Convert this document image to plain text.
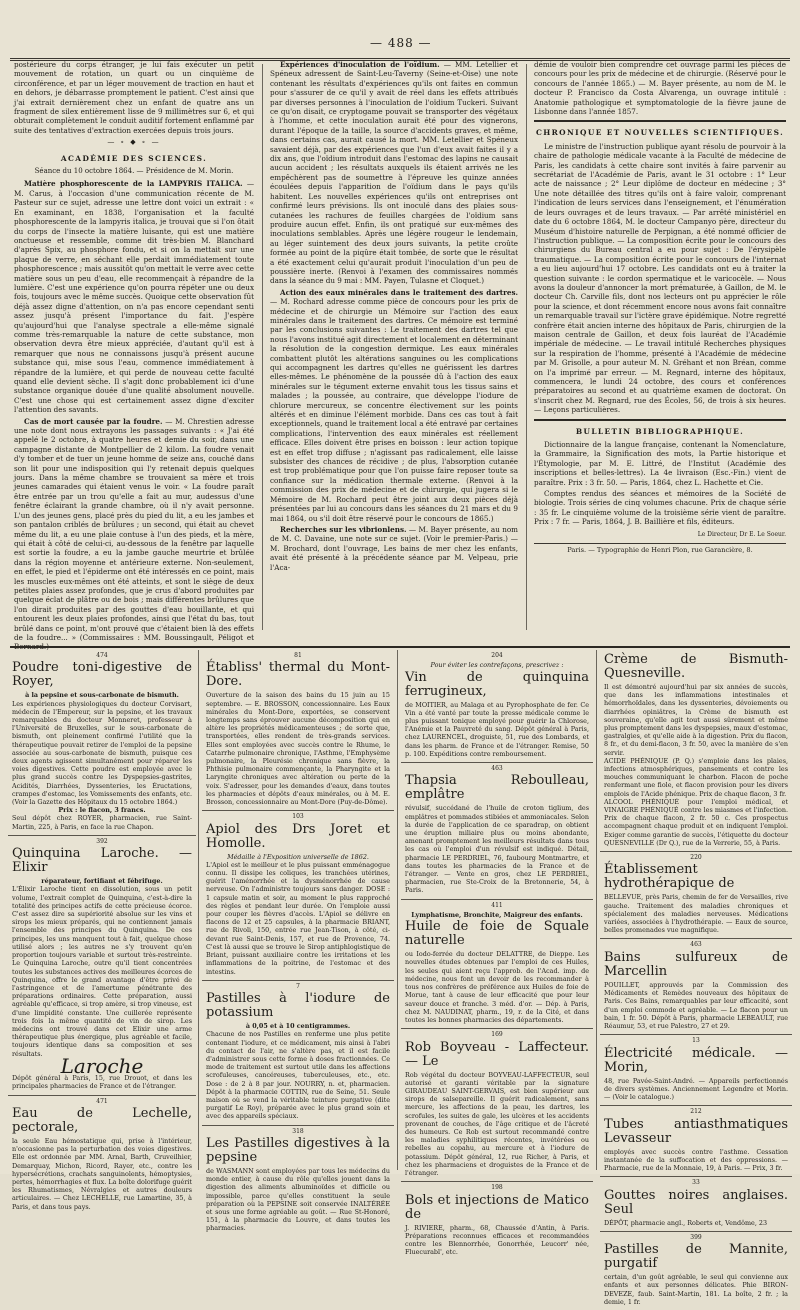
— 488 —

postérieure du corps étranger, je lui fais exécuter un petit mouvement de rotation, un quart ou un cinquième de circonférence, et par un léger mouvement de traction en haut et en dehors, je débarrasse promptement le patient. C'est ainsi que j'ai extrait dernièrement chez un enfant de quatre ans un fragment de silex entièrement lisse de 9 millimètres sur 6, et qui obturait complètement le conduit auditif fortement enflammé par suite des tentatives d'extraction exercées depuis trois jours.

— ∘ ◆ ∘ —
ACADÉMIE DES SCIENCES.
Séance du 10 octobre 1864. — Présidence de M. Morin.

Matière phosphorescente de la LAMPYRIS ITALICA. — M. Carus, à l'occasion d'une communication récente de M. Pasteur sur ce sujet, adresse une lettre dont voici un extrait : « En examinant, en 1838, l'organisation et la faculté phosphorescente de la lampyris italica, je trouvai que si l'on ôtait du corps de l'insecte la matière luisante, qui est une matière onctueuse et ressemble, comme dit très-bien M. Blanchard d'après Spix, au phosphore fondu, et si on la mettait sur une plaque de verre, en séchant elle perdait immédiatement toute phosphorescence ; mais aussitôt qu'on mettait le verre avec cette matière sous un peu d'eau, elle recommençait à répandre de la lumière. C'est une expérience qu'on pourra répéter une ou deux fois, toujours avec le même succès. Quoique cette observation fût déjà assez digne d'attention, on n'a pas encore cependant senti assez jusqu'à présent l'importance du fait. J'espère qu'aujourd'hui que l'analyse spectrale a elle-même signalé comme très-remarquable la nature de cette substance, mon observation devra être mieux appréciée, d'autant qu'il est à remarquer que nous ne connaissons jusqu'à présent aucune substance qui, mise sous l'eau, commence immédiatement à répandre de la lumière, et qui perde de nouveau cette faculté quand elle devient sèche. Il s'agit donc probablement ici d'une substance organique douée d'une qualité absolument nouvelle. C'est une chose qui est certainement assez digne d'exciter l'attention des savants.

Cas de mort causée par la foudre. — M. Chrestien adresse une note dont nous extrayons les passages suivants : « J'ai été appelé le 2 octobre, à quatre heures et demie du soir, dans une campagne distante de Montpellier de 2 kilom. La foudre venait d'y tomber et de tuer un jeune homme de seize ans, couché dans son lit pour une indisposition qui l'y retenait depuis quelques jours. Dans la même chambre se trouvaient sa mère et trois jeunes camarades qui étaient venus le voir. « La foudre paraît être entrée par un trou qu'elle a fait au mur, audessus d'une fenêtre éclairant la grande chambre, où il n'y avait personne. L'un des jeunes gens, placé près du pied du lit, a eu les jambes et son pantalon criblés de brûlures ; un second, qui était au chevet même du lit, a eu une plaie contuse à l'un des pieds, et la mère, qui était à côté de celui-ci, au-dessous de la fenêtre par laquelle est sortie la foudre, a eu la jambe gauche meurtrie et brûlée dans la région moyenne et antérieure externe. Non-seulement, en effet, le pied et l'épiderme ont été intéressés en ce point, mais les muscles eux-mêmes ont été atteints, et sont le siège de deux petites plaies assez profondes, que je crus d'abord produites par quelque éclat de plâtre ou de bois ; mais différentes brûlures que l'on dirait produites par des gouttes d'eau bouillante, et qui entourent les deux plaies profondes, ainsi que l'état du bas, tout brûlé dans ce point, m'ont prouvé que c'étaient bien là des effets de la foudre... » (Commissaires : MM. Boussingault, Péligot et Bernard.)

Expériences d'inoculation de l'oïdium. — MM. Letellier et Spéneux adressent de Saint-Leu-Taverny (Seine-et-Oise) une note contenant les résultats d'expériences qu'ils ont faites en commun pour s'assurer de ce qu'il y avait de réel dans les effets attribués par diverses personnes à l'inoculation de l'oïdium Tuckeri. Suivant ce qu'on disait, ce cryptogame pouvait se transporter des végétaux à l'homme, et cette inoculation aurait été pour des vignerons, durant l'époque de la taille, la source d'accidents graves, et même, dans certains cas, aurait causé la mort. MM. Letellier et Spéneux savaient déjà, par des expériences que l'un d'eux avait faites il y a dix ans, que l'oïdium introduit dans l'estomac des lapins ne causait aucun accident ; les résultats auxquels ils étaient arrivés ne les empêchèrent pas de soumettre à l'épreuve les quinze années écoulées depuis l'apparition de l'oïdium dans le pays qu'ils habitent. Les nouvelles expériences qu'ils ont entreprises ont confirmé leurs prévisions. Ils ont inoculé dans des plaies sous-cutanées les rachures de feuilles chargées de l'oïdium sans produire aucun effet. Enfin, ils ont pratiqué sur eux-mêmes des inoculations semblables. Après une légère rougeur le lendemain, au léger suintement des deux jours suivants, la petite croûte formée au point de la piqûre était tombée, de sorte que le résultat a été exactement celui qu'aurait produit l'inoculation d'un peu de poussière inerte. (Renvoi à l'examen des commissaires nommés dans la séance du 9 mai : MM. Payen, Tulasne et Cloquet.)

Action des eaux minérales dans le traitement des dartres. — M. Rochard adresse comme pièce de concours pour les prix de médecine et de chirurgie un Mémoire sur l'action des eaux minérales dans le traitement des dartres. Ce mémoire est terminé par les conclusions suivantes : Le traitement des dartres tel que nous l'avons institué agit directement et localement en déterminant la résolution de la congestion dermique. Les eaux minérales combattent plutôt les altérations sanguines ou les complications qui accompagnent les dartres qu'elles ne guérissent les dartres elles-mêmes. Le phénomène de la poussée dû à l'action des eaux minérales sur le tégument externe envahit tous les tissus sains et malades ; la poussée, au contraire, que développe l'iodure de chlorure mercureux, se concentre électivement sur les points altérés et en diminue l'élément morbide. Dans ces cas tout à fait exceptionnels, quand le traitement local a été entravé par certaines complications, l'intervention des eaux minérales est réellement efficace. Elles doivent être prises en boisson : leur action topique est en effet trop diffuse ; n'agissant pas radicalement, elle laisse subsister des chances de récidive ; de plus, l'absorption cutanée est trop problématique pour que l'on puisse faire reposer toute sa confiance sur la médication thermale externe. (Renvoi à la commission des prix de médecine et de chirurgie, qui jugera si le Mémoire de M. Rochard peut être joint aux deux pièces déjà présentées par lui au concours dans les séances du 21 mars et du 9 mai 1864, ou s'il doit être réservé pour le concours de 1865.)

Recherches sur les vibrionlens. — M. Bayer présente, au nom de M. C. Davaine, une note sur ce sujet. (Voir le premier-Paris.) — M. Brochard, dont l'ouvrage, Les bains de mer chez les enfants, avait été présenté à la précédente séance par M. Velpeau, prie l'Aca-

démie de vouloir bien comprendre cet ouvrage parmi les pièces de concours pour les prix de médecine et de chirurgie. (Réservé pour le concours de l'année 1865.) — M. Bayer présente, au nom de M. le docteur P. Francisco da Costa Alvarenga, un ouvrage intitulé : Anatomie pathologique et symptomatologie de la fièvre jaune de Lisbonne dans l'année 1857.

CHRONIQUE ET NOUVELLES SCIENTIFIQUES.

Le ministre de l'instruction publique ayant résolu de pourvoir à la chaire de pathologie médicale vacante à la Faculté de médecine de Paris, les candidats à cette chaire sont invités à faire parvenir au secrétariat de l'Académie de Paris, avant le 31 octobre : 1° Leur acte de naissance ; 2° Leur diplôme de docteur en médecine ; 3° Une note détaillée des titres qu'ils ont à faire valoir, comprenant l'indication de leurs services dans l'enseignement, et l'énumération de leurs ouvrages et de leurs travaux. — Par arrêté ministériel en date du 6 octobre 1864, M. le docteur Campanyo père, directeur du Muséum d'histoire naturelle de Perpignan, a été nommé officier de l'instruction publique. — La composition écrite pour le concours des chirurgiens du Bureau central a eu pour sujet : De l'érysipèle traumatique. — La composition écrite pour le concours de l'internat a eu lieu aujourd'hui 17 octobre. Les candidats ont eu à traiter la question suivante : le cordon spermatique et le varicocèle. — Nous avons la douleur d'annoncer la mort prématurée, à Gaillon, de M. le docteur Ch. Carville fils, dont nos lecteurs ont pu apprécier le rôle pour la science, et dont récemment encore nous avons fait connaître un remarquable travail sur l'ictère grave épidémique. Notre regretté confrère était ancien interne des hôpitaux de Paris, chirurgien de la maison centrale de Gaillon, et deux fois lauréat de l'Académie impériale de médecine. — Le travail intitulé Recherches physiques sur la respiration de l'homme, présenté à l'Académie de médecine par M. Grisolle, a pour auteur M. N. Gréhant et non Bréan, comme on l'a imprimé par erreur. — M. Regnard, interne des hôpitaux, commencera, le lundi 24 octobre, des cours et conférences préparatoires au second et au quatrième examen de doctorat. On s'inscrit chez M. Regnard, rue des Écoles, 56, de trois à six heures. — Leçons particulières.

BULLETIN BIBLIOGRAPHIQUE.

Dictionnaire de la langue française, contenant la Nomenclature, la Grammaire, la Signification des mots, la Partie historique et l'Étymologie, par M. E. Littré, de l'Institut (Académie des inscriptions et belles-lettres). La 4e livraison (Esc.-Fin.) vient de paraître. Prix : 3 fr. 50. — Paris, 1864, chez L. Hachette et Cie.

Comptes rendus des séances et mémoires de la Société de biologie. Trois séries de cinq volumes chacune. Prix de chaque série : 35 fr. Le cinquième volume de la troisième série vient de paraître. Prix : 7 fr. — Paris, 1864, J. B. Baillière et fils, éditeurs.

Le Directeur, Dr E. Le Soeur.
Paris. — Typographie de Henri Plon, rue Garancière, 8.
474
Poudre toni-digestive de Royer,
à la pepsine et sous-carbonate de bismuth.
Les expériences physiologiques du docteur Corvisart, médecin de l'Empereur, sur la pepsine, et les travaux remarquables du docteur Monneret, professeur à l'Université de Bruxelles, sur le sous-carbonate de bismuth, ont pleinement confirmé l'utilité que la thérapeutique pouvait retirer de l'emploi de la pepsine associée au sous-carbonate de bismuth, puisque ces deux agents agissent simultanément pour réparer les voies digestives. Cette poudre est employée avec le plus grand succès contre les Dyspepsies-gastrites, Acidités, Diarrhées, Dyssenteries, les Éructations, crampes d'estomac, les Vomissements des enfants, etc. (Voir la Gazette des Hôpitaux du 15 octobre 1864.)
Prix : le flacon, 3 francs.
Seul dépôt chez ROYER, pharmacien, rue Saint-Martin, 225, à Paris, en face la rue Chapon.
392
Quinquina Laroche. — Elixir
réparateur, fortifiant et fébrifuge.
L'Élixir Laroche tient en dissolution, sous un petit volume, l'extrait complet de Quinquina, c'est-à-dire la totalité des principes actifs de cette précieuse écorce. C'est assez dire sa supériorité absolue sur les vins et sirops les mieux préparés, qui ne contiennent jamais l'ensemble des principes du Quinquina. De ces principes, les uns manquent tout à fait, quelque chose utilisé alors ; les autres ne s'y trouvent qu'en proportion toujours variable et surtout très-restreinte. Le Quinquina Laroche, outre qu'il tient concentrées toutes les substances actives des meilleures écorces de Quinquina, offre le grand avantage d'être privé de l'astringence et de l'amertume pénétrante des préparations ordinaires. Cette préparation, aussi agréable qu'efficace, si trop amère, si trop vineuse, est d'une limpidité constante. Une cuillerée représente trois fois la même quantité de vin de sirop. Les médecins ont trouvé dans cet Elixir une arme thérapeutique plus énergique, plus agréable et facile, toujours identique dans sa composition et ses résultats.
Laroche
Dépôt général à Paris, 15, rue Drouot, et dans les principales pharmacies de France et de l'étranger.
471
Eau de Lechelle, pectorale,
la seule Eau hémostatique qui, prise à l'intérieur, n'occasionne pas la perturbation des voies digestives. Elle est ordonnée par MM. Arnal, Barth, Cruveilhier, Demarquay, Michon, Ricord, Rayer, etc., contre les hypersécrétions, crachats sanguinolents, hémoptysies, pertes, hémorrhagies et flux. La boîte dolorifuge guérit les Rhumatismes, Névralgies et autres douleurs articulaires. — Chez LECHELLE, rue Lamartine, 35, à Paris, et dans tous pays.
81
Établiss' thermal du Mont-Dore.
Ouverture de la saison des bains du 15 juin au 15 septembre. — E. BROSSON, concessionnaire. Les Eaux minérales du Mont-Dore, exportées, se conservent longtemps sans éprouver aucune décomposition qui en altère les propriétés médicamenteuses ; de sorte que, transportées, elles rendent de très-grands services. Elles sont employées avec succès contre le Rhume, le Catarrhe pulmonaire chronique, l'Asthme, l'Emphysème pulmonaire, la Pleurésie chronique sans fièvre, la Phthisie pulmonaire commençante, la Pharyngite et la Laryngite chroniques avec altération ou perte de la voix. S'adresser, pour les demandes d'eaux, dans toutes les pharmacies et dépôts d'eaux minérales, ou à M. E. Brosson, concessionnaire au Mont-Dore (Puy-de-Dôme).
103
Apiol des Drs Joret et Homolle.
Médaille à l'Exposition universelle de 1862.
L'Apiol est le meilleur et le plus puissant emménagogue connu. Il dissipe les coliques, les tranchées utérines, guérit l'aménorrhée et la dysménorrhée de cause nerveuse. On l'administre toujours sans danger. DOSE : 1 capsule matin et soir, au moment le plus rapproché des règles et pendant leur durée. On l'emploie aussi pour couper les fièvres d'accès. L'Apiol se délivre en flacons de 12 et 25 capsules, à la pharmacie BRIANT, rue de Rivoli, 150, entrée rue Jean-Tison, à côté, ci-devant rue Saint-Denis, 157, et rue de Provence, 74. C'est là aussi que se trouve le Sirop antiphlogistique de Briant, puissant auxiliaire contre les irritations et les inflammations de la poitrine, de l'estomac et des intestins.
7
Pastilles à l'iodure de potassium
à 0,05 et à 10 centigrammes.
Chacune de nos Pastilles en renferme une plus petite contenant l'iodure, et ce médicament, mis ainsi à l'abri du contact de l'air, ne s'altère pas, et il est facile d'administrer sous cette forme à doses fractionnées. Ce mode de traitement est surtout utile dans les affections scrofuleuses, cancéreuses, tuberculeuses, etc., etc. Dose : de 2 à 8 par jour. NOURRY, n. et, pharmacien. Dépôt à la pharmacie COTTIN, rue de Seine, 51. Seule maison où se vend la véritable teinture purgative (dite purgatif Le Roy), préparée avec le plus grand soin et avec des appareils spéciaux.
318
Les Pastilles digestives à la pepsine
de WASMANN sont employées par tous les médecins du monde entier, à cause du rôle qu'elles jouent dans la digestion des aliments albuminoïdes et difficile ou impossible, parce qu'elles constituent la seule préparation où la PEPSINE soit conservée INALTÉRÉE et sous une forme agréable au goût. — Rue St-Honoré, 151, à la pharmacie du Louvre, et dans toutes les pharmacies.
204
Pour éviter les contrefaçons, prescrivez :
Vin de quinquina ferrugineux,
de MOITIER, au Malaga et au Pyrophosphate de fer. Ce Vin a été vanté par toute la presse médicale comme le plus puissant tonique employé pour guérir la Chlorose, l'Anémie et la Pauvreté du sang. Dépôt général à Paris, chez LAURENCEL, droguiste, 51, rue des Lombards, et dans les pharm. de France et de l'étranger. Remise, 50 p. 100. Expéditions contre remboursement.
463
Thapsia Reboulleau, emplâtre
révulsif, succédané de l'huile de croton tiglium, des emplâtres et pommades stibiées et ammoniacales. Selon la durée de l'application de ce sparadrap, on obtient une éruption miliaire plus ou moins abondante, amenant promptement les meilleurs résultats dans tous les cas où l'emploi d'un révulsif est indiqué. Détail, pharmacie LE PERDRIEL, 76, faubourg Montmartre, et dans toutes les pharmacies de la France et de l'étranger. — Vente en gros, chez LE PERDRIEL, pharmacien, rue Ste-Croix de la Bretonnerie, 54, à Paris.
411
Lymphatisme, Bronchite, Maigreur des enfants.
Huile de foie de Squale naturelle
ou Iodo-ferrée du docteur DELATTRE, de Dieppe. Les nouvelles études obtenues par l'emploi de ces Huiles, les seules qui aient reçu l'approb. de l'Acad. imp. de médecine, nous font un devoir de les recommander à tous nos confrères de préférence aux Huiles de foie de Morue, tant à cause de leur efficacité que pour leur saveur douce et franche. 3 méd. d'or. — Dép. à Paris, chez M. NAUDINAT, pharm., 19, r. de la Cité, et dans toutes les bonnes pharmacies des départements.
169
Rob Boyveau - Laffecteur. — Le
Rob végétal du docteur BOYVEAU-LAFFECTEUR, seul autorisé et garanti véritable par la signature GIRAUDEAU SAINT-GERVAIS, est bien supérieur aux sirops de salsepareille. Il guérit radicalement, sans mercure, les affections de la peau, les dartres, les scrofules, les suites de gale, les ulcères et les accidents provenant de couches, de l'âge critique et de l'âcreté des humeurs. Ce Rob est surtout recommandé contre les maladies syphilitiques récentes, invétérées ou rebelles au copahu, au mercure et à l'iodure de potassium. Dépôt général, 12, rue Richer, à Paris, et chez les pharmaciens et droguistes de la France et de l'étranger.
198
Bols et injections de Matico de
J. RIVIERE, pharm., 68, Chaussée d'Antin, à Paris. Préparations reconnues efficaces et recommandées contre les Blennorrhée, Gonorrhée, Leucorr' née, Fluecurabl', etc.
Crème de Bismuth-Quesneville.
Il est démontré aujourd'hui par six années de succès, que dans les inflammations intestinales et hémorrhoïdales, dans les dyssenteries, dévoiements ou diarrhées opiniâtres, la Crème de bismuth est souveraine, qu'elle agit tout aussi sûrement et même plus promptement dans les dyspepsies, maux d'estomac, gastralgies, et qu'elle aide à la digestion. Prix du flacon, 8 fr., et du demi-flacon, 3 fr. 50, avec la manière de s'en servir.
ACIDE PHÉNIQUE (P. Q.) s'emploie dans les plaies, infections atmosphériques, pansements et contre les mouches communiquant le charbon. Flacon de poche renfermant une fiole, et flacon provision pour les divers emplois de l'Acide phénique. Prix de chaque flacon, 3 fr.
ALCOOL PHÉNIQUÉ pour l'emploi médical, et VINAIGRE PHÉNIQUÉ contre les miasmes et l'infection. Prix de chaque flacon, 2 fr. 50 c. Ces prospectus accompagnent chaque produit et en indiquent l'emploi. Exiger comme garantie de succès, l'étiquette du docteur QUESNEVILLE (Dr Q.), rue de la Verrerie, 55, à Paris.
220
Établissement hydrothérapique de
BELLEVUE, près Paris, chemin de fer de Versailles, rive gauche. Traitement des maladies chroniques et spécialement des maladies nerveuses. Médications variées, associées à l'hydrothérapie. — Eaux de source, belles promenades vue magnifique.
463
Bains sulfureux de Marcellin
POUILLET, approuvés par la Commission des Médicaments et Remèdes nouveaux des hôpitaux de Paris. Ces Bains, remarquables par leur efficacité, sont d'un emploi commode et agréable. — Le flacon pour un bain, 1 fr. 50. Dépôt à Paris, pharmacie LEBEAULT, rue Réaumur, 53, et rue Palestro, 27 et 29.
13
Électricité médicale. — Morin,
48, rue Pavée-Saint-André. — Appareils perfectionnés de divers systèmes. Anciennement Legendre et Morin. — (Voir le catalogue.)
212
Tubes antiasthmatiques Levasseur
employés avec succès contre l'asthme. Cessation instantanée de la suffocation et des oppressions. — Pharmacie, rue de la Monnaie, 19, à Paris. — Prix, 3 fr.
33
Gouttes noires anglaises. Seul
DÉPÔT, pharmacie angl., Roberts et, Vendôme, 23
399
Pastilles de Mannite, purgatif
certain, d'un goût agréable, le seul qui convienne aux enfants et aux personnes délicates. Phie BIRON-DEVEZE, faub. Saint-Martin, 181. La boîte, 2 fr. ; la demie, 1 fr.
